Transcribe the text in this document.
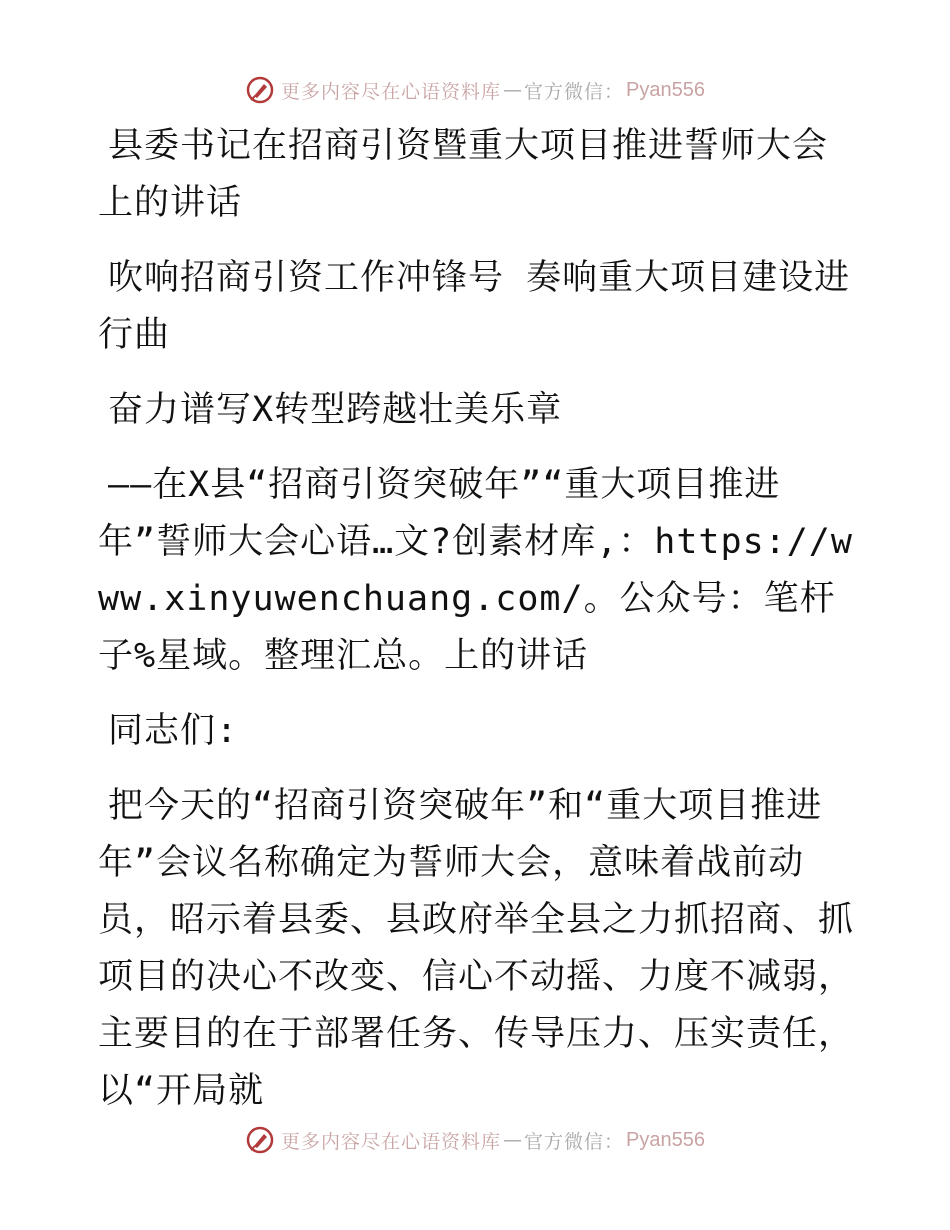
更多内容尽在心语资料库 — 官方微信： Pyan556

县委书记在招商引资暨重大项目推进誓师大会上的讲话

吹响招商引资工作冲锋号 奏响重大项目建设进行曲

奋力谱写X转型跨越壮美乐章

——在X县“招商引资突破年”“重大项目推进年”誓师大会心语…文?创素材库,：https://www.xinyuwenchuang.com/。公众号：笔杆子%星域。整理汇总。上的讲话

同志们:

把今天的“招商引资突破年”和“重大项目推进年”会议名称确定为誓师大会，意味着战前动员，昭示着县委、县政府举全县之力抓招商、抓项目的决心不改变、信心不动摇、力度不减弱，主要目的在于部署任务、传导压力、压实责任，以“开局就

更多内容尽在心语资料库 — 官方微信： Pyan556
